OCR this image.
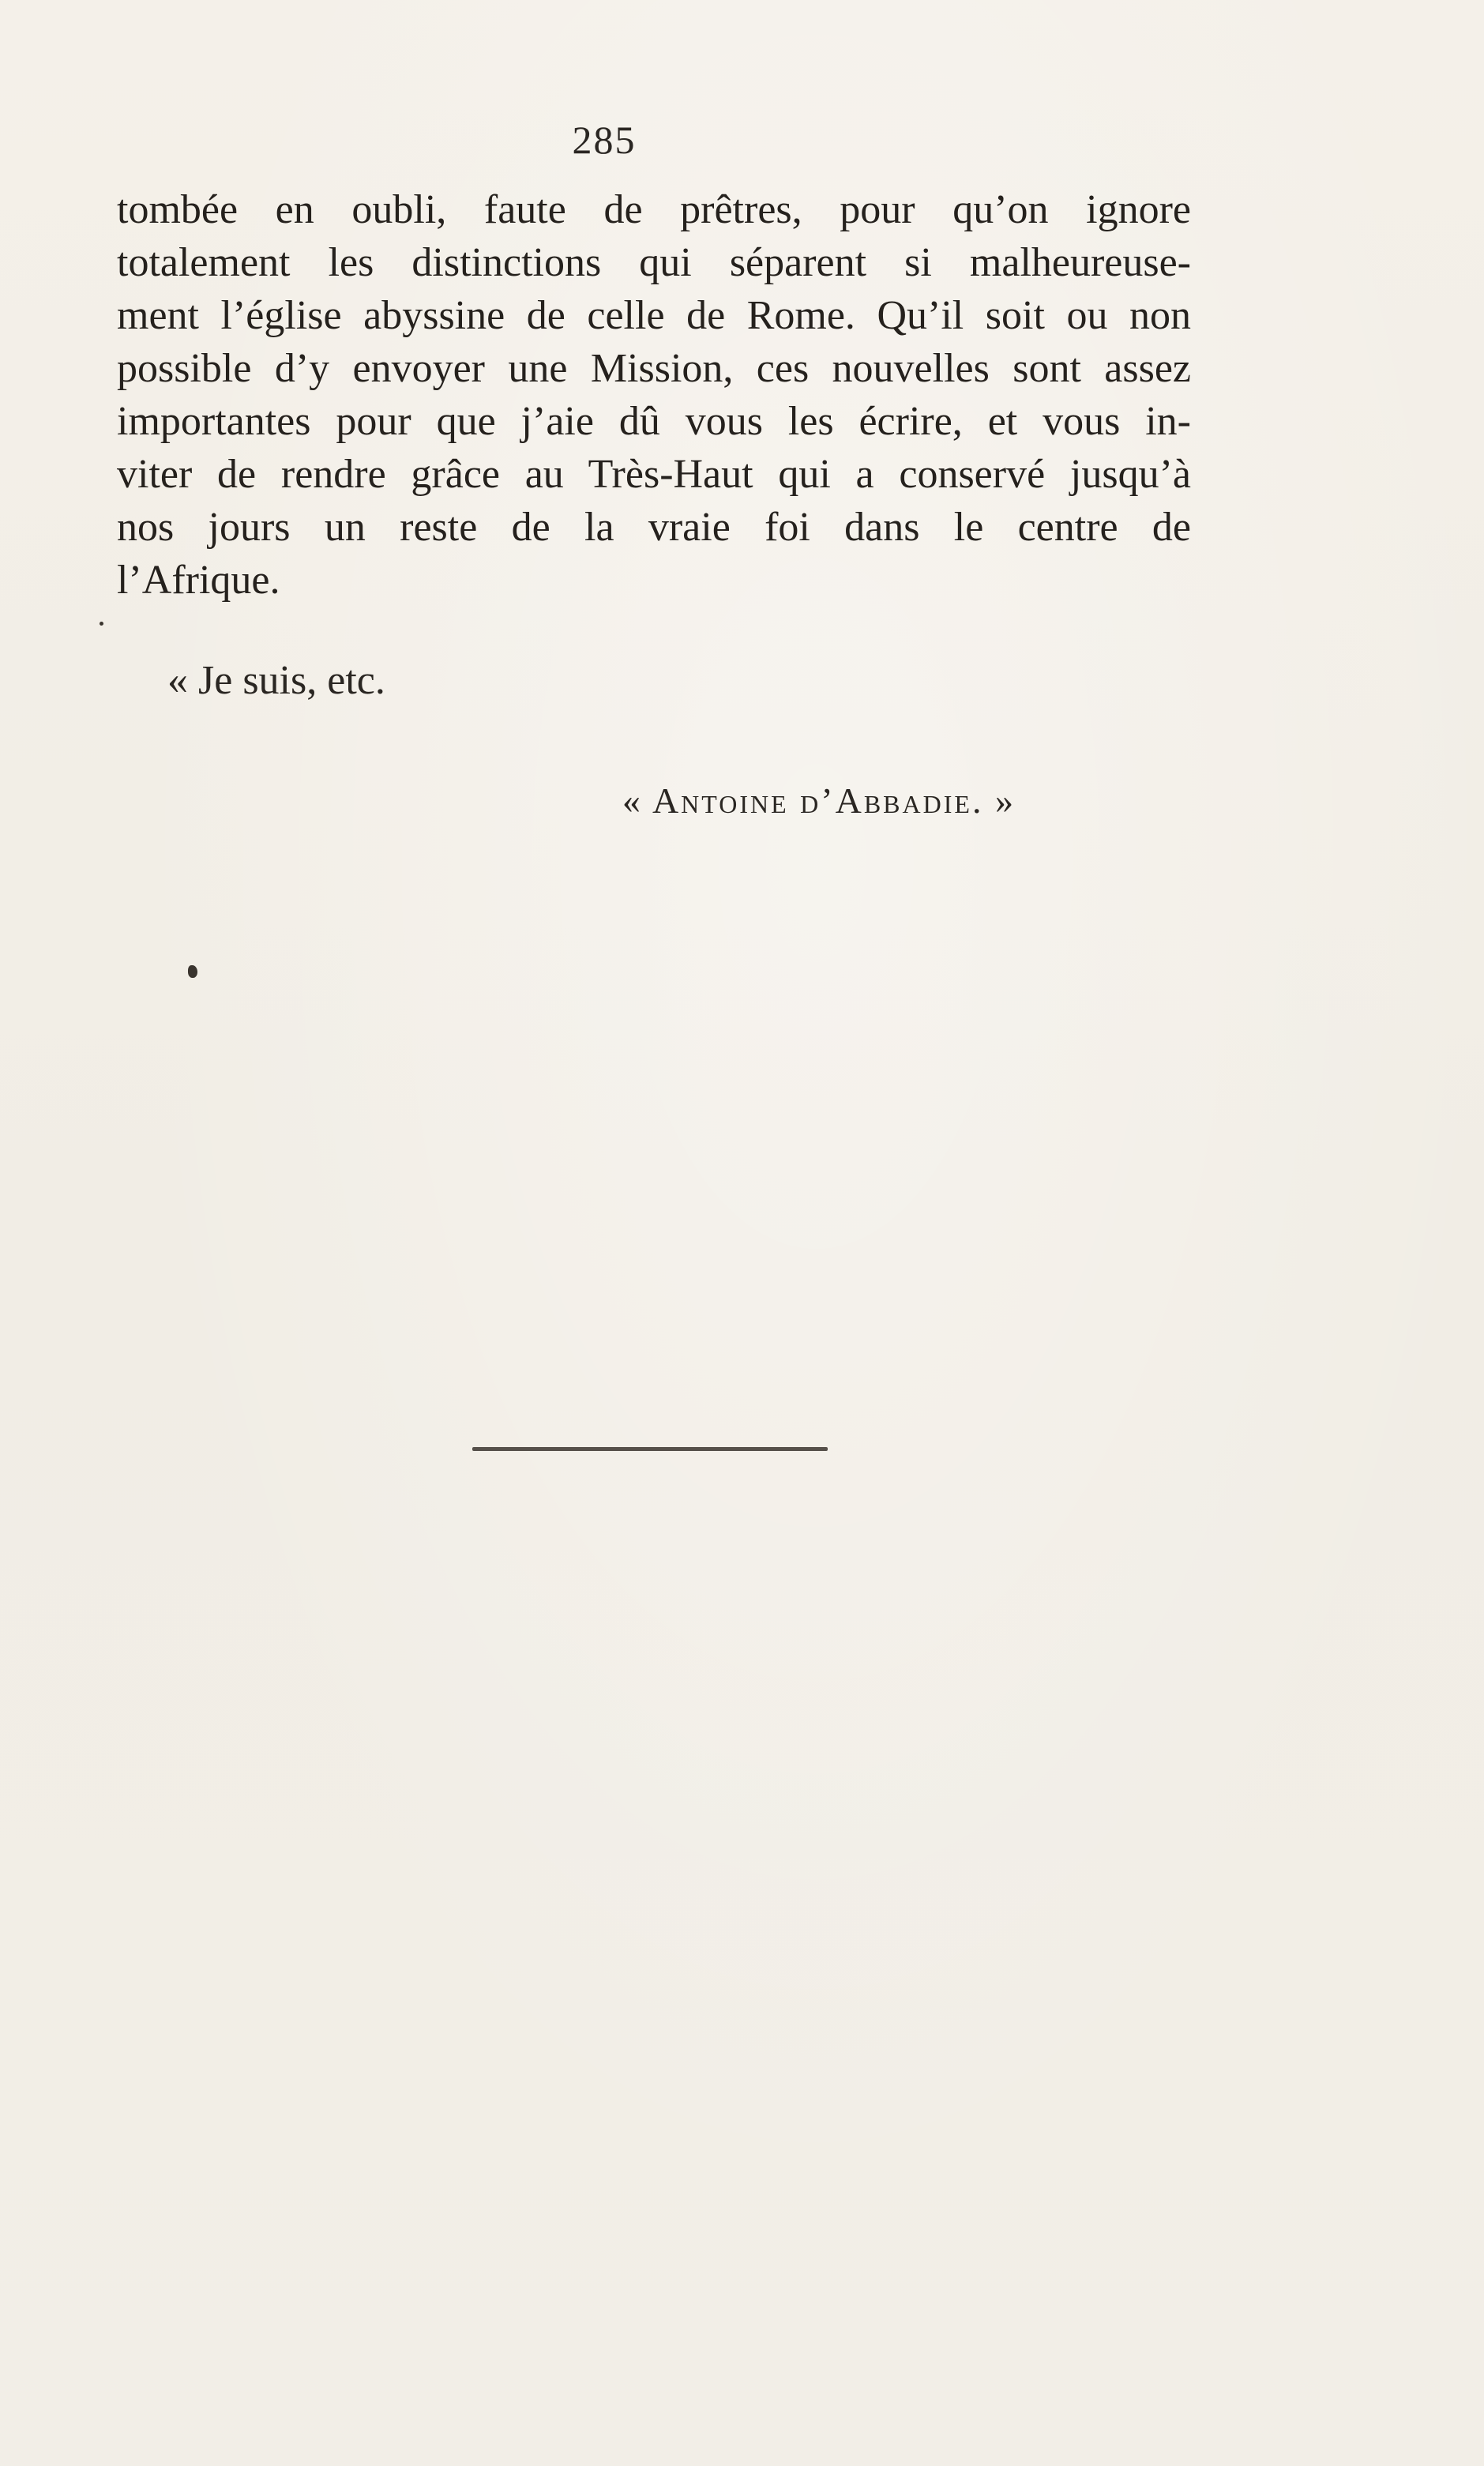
285
tombée en oubli, faute de prêtres, pour qu’on ignore
totalement les distinctions qui séparent si malheureuse-
ment l’église abyssine de celle de Rome. Qu’il soit ou non
possible d’y envoyer une Mission, ces nouvelles sont assez
importantes pour que j’aie dû vous les écrire, et vous in-
viter de rendre grâce au Très-Haut qui a conservé jusqu’à
nos jours un reste de la vraie foi dans le centre de
l’Afrique.
« Je suis, etc.
« Antoine d’Abbadie. »
